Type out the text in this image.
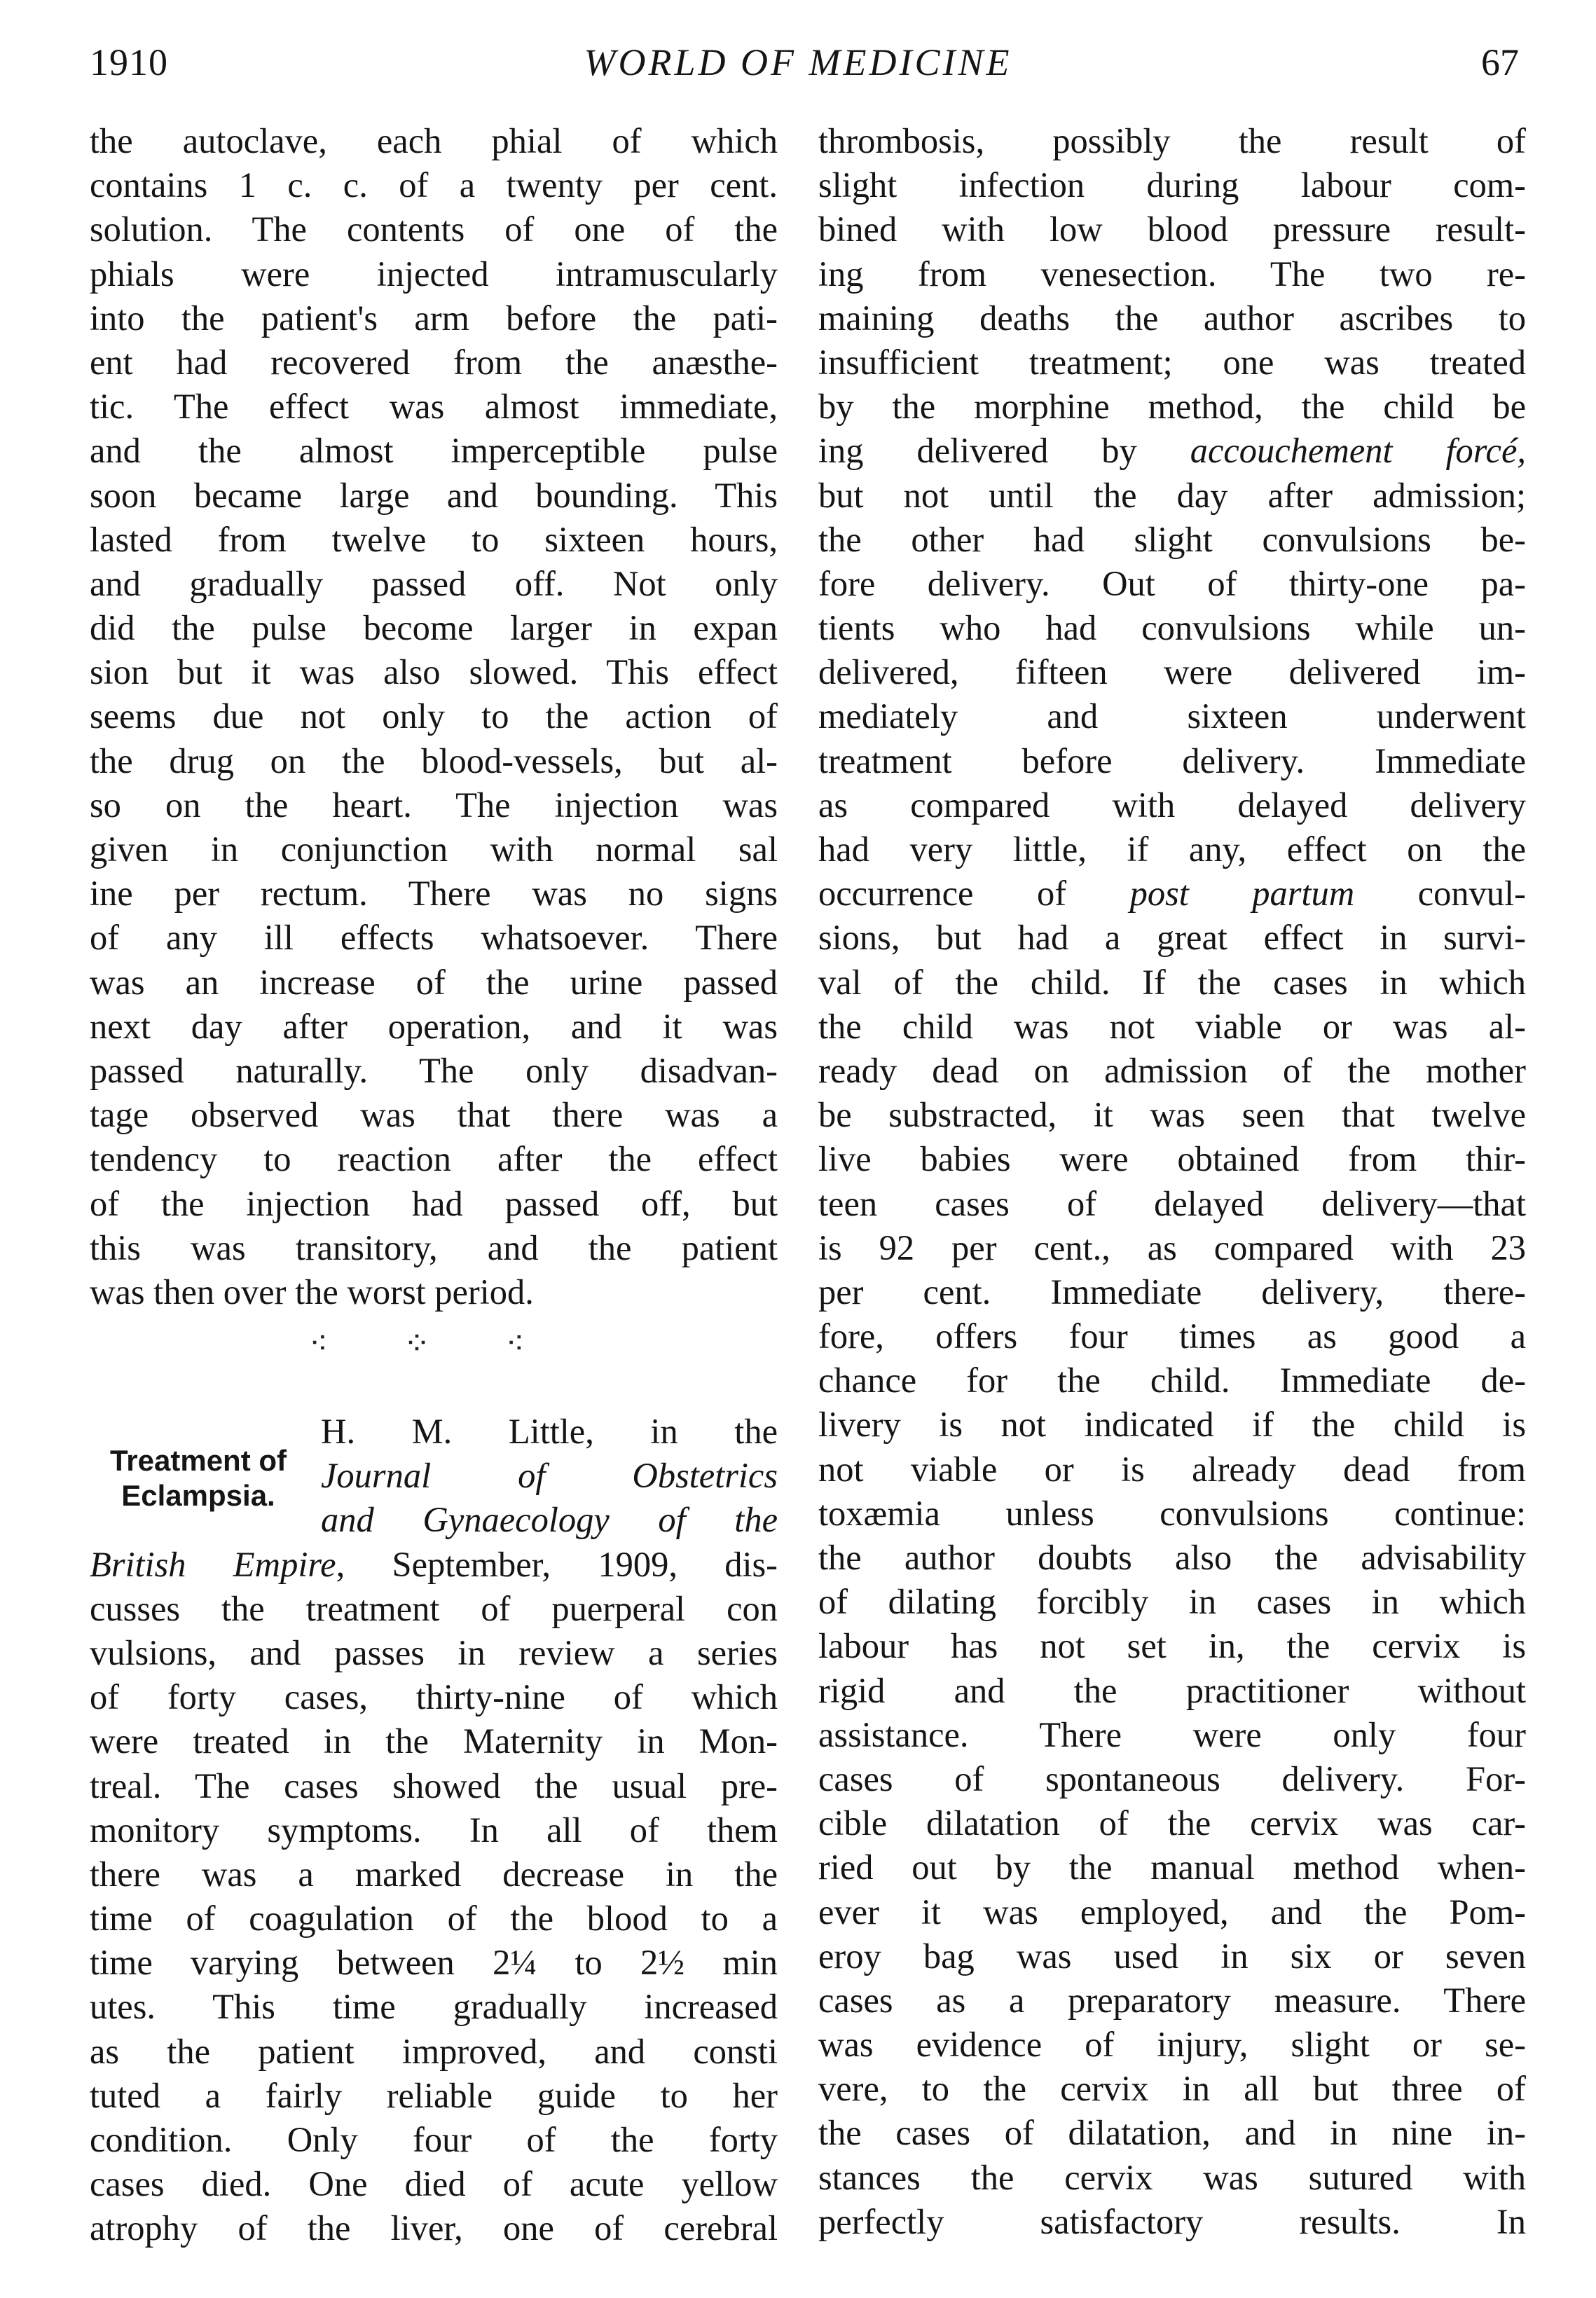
1910	WORLD OF MEDICINE	67
the autoclave, each phial of which
contains 1 c. c. of a twenty per cent.
solution. The contents of one of the
phials were injected intramuscularly
into the patient's arm before the pati-
ent had recovered from the anæsthe-
tic. The effect was almost immediate,
and the almost imperceptible pulse
soon became large and bounding. This
lasted from twelve to sixteen hours,
and gradually passed off. Not only
did the pulse become larger in expan
sion but it was also slowed. This effect
seems due not only to the action of
the drug on the blood-vessels, but al-
so on the heart. The injection was
given in conjunction with normal sal
ine per rectum. There was no signs
of any ill effects whatsoever. There
was an increase of the urine passed
next day after operation, and it was
passed naturally. The only disadvan-
tage observed was that there was a
tendency to reaction after the effect
of the injection had passed off, but
this was transitory, and the patient
was then over the worst period.
⁖ ⁘ ⁖
Treatment of
Eclampsia.
H. M. Little, in the
Journal of Obstetrics
and Gynaecology of the
British Empire, September, 1909, dis-
cusses the treatment of puerperal con
vulsions, and passes in review a series
of forty cases, thirty-nine of which
were treated in the Maternity in Mon-
treal. The cases showed the usual pre-
monitory symptoms. In all of them
there was a marked decrease in the
time of coagulation of the blood to a
time varying between 2¼ to 2½ min
utes. This time gradually increased
as the patient improved, and consti
tuted a fairly reliable guide to her
condition. Only four of the forty
cases died. One died of acute yellow
atrophy of the liver, one of cerebral
thrombosis, possibly the result of
slight infection during labour com-
bined with low blood pressure result-
ing from venesection. The two re-
maining deaths the author ascribes to
insufficient treatment; one was treated
by the morphine method, the child be
ing delivered by accouchement forcé,
but not until the day after admission;
the other had slight convulsions be-
fore delivery. Out of thirty-one pa-
tients who had convulsions while un-
delivered, fifteen were delivered im-
mediately and sixteen underwent
treatment before delivery. Immediate
as compared with delayed delivery
had very little, if any, effect on the
occurrence of post partum convul-
sions, but had a great effect in survi-
val of the child. If the cases in which
the child was not viable or was al-
ready dead on admission of the mother
be substracted, it was seen that twelve
live babies were obtained from thir-
teen cases of delayed delivery—that
is 92 per cent., as compared with 23
per cent. Immediate delivery, there-
fore, offers four times as good a
chance for the child. Immediate de-
livery is not indicated if the child is
not viable or is already dead from
toxæmia unless convulsions continue:
the author doubts also the advisability
of dilating forcibly in cases in which
labour has not set in, the cervix is
rigid and the practitioner without
assistance. There were only four
cases of spontaneous delivery. For-
cible dilatation of the cervix was car-
ried out by the manual method when-
ever it was employed, and the Pom-
eroy bag was used in six or seven
cases as a preparatory measure. There
was evidence of injury, slight or se-
vere, to the cervix in all but three of
the cases of dilatation, and in nine in-
stances the cervix was sutured with
perfectly satisfactory results. In
